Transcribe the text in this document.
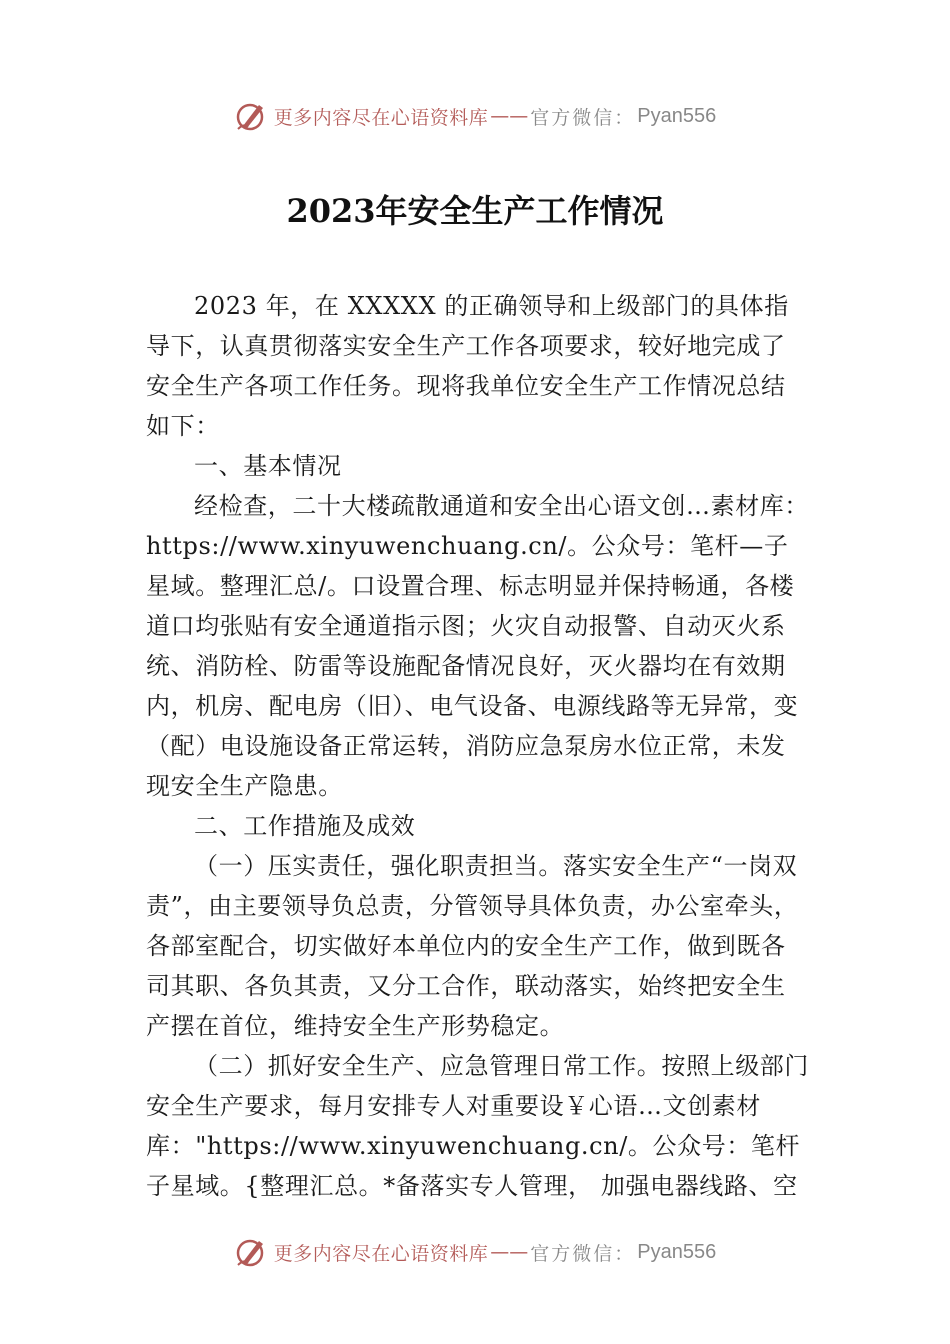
更多内容尽在心语资料库 —— 官方微信： Pyan556
2023年安全生产工作情况

2023 年，在 XXXXX 的正确领导和上级部门的具体指导下，认真贯彻落实安全生产工作各项要求，较好地完成了安全生产各项工作任务。现将我单位安全生产工作情况总结如下：

一、基本情况

经检查，二十大楼疏散通道和安全出心语文创…素材库：https://www.xinyuwenchuang.cn/。公众号：笔杆—子星域。整理汇总/。口设置合理、标志明显并保持畅通，各楼道口均张贴有安全通道指示图；火灾自动报警、自动灭火系统、消防栓、防雷等设施配备情况良好，灭火器均在有效期内，机房、配电房（旧）、电气设备、电源线路等无异常，变（配）电设施设备正常运转，消防应急泵房水位正常，未发现安全生产隐患。

二、工作措施及成效

（一）压实责任，强化职责担当。落实安全生产“一岗双责”，由主要领导负总责，分管领导具体负责，办公室牵头，各部室配合，切实做好本单位内的安全生产工作，做到既各司其职、各负其责，又分工合作，联动落实，始终把安全生产摆在首位，维持安全生产形势稳定。

（二）抓好安全生产、应急管理日常工作。按照上级部门安全生产要求，每月安排专人对重要设￥心语…文创素材库："https://www.xinyuwenchuang.cn/。公众号：笔杆子星域。{整理汇总。*备落实专人管理， 加强电器线路、空

更多内容尽在心语资料库 —— 官方微信： Pyan556
